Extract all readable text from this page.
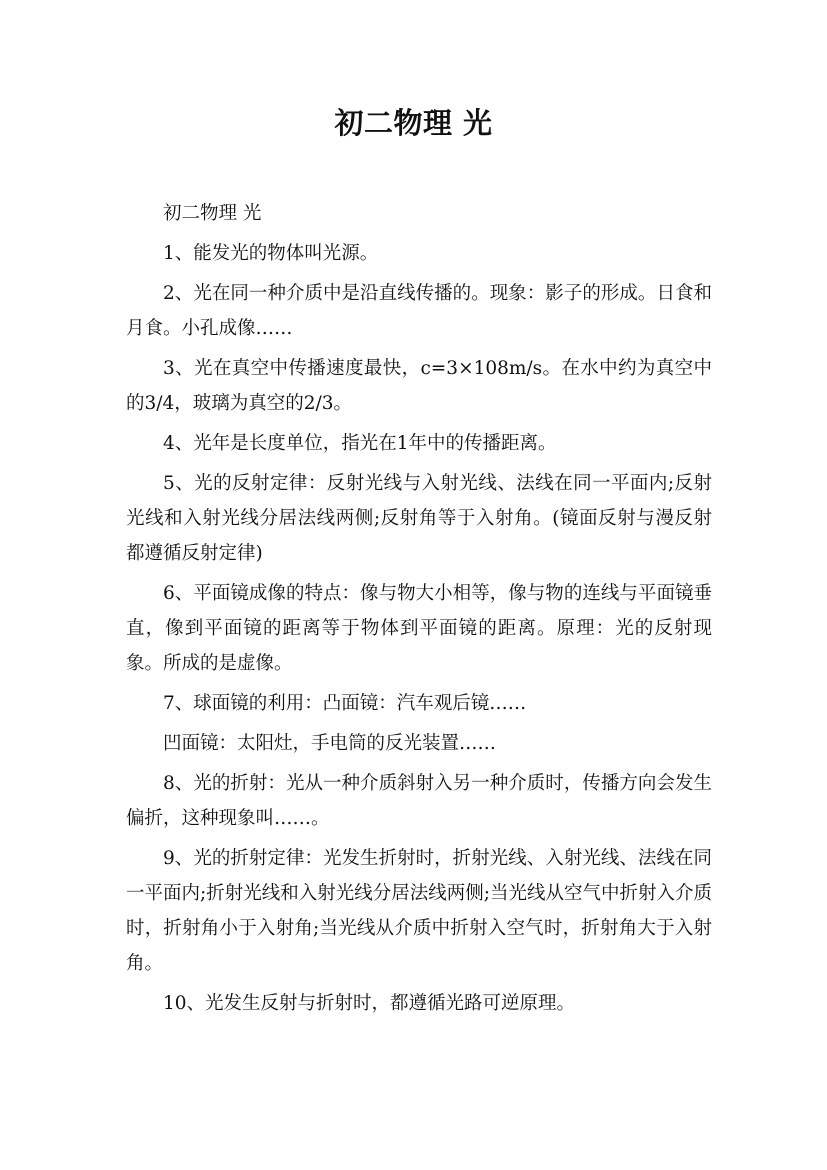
初二物理 光

初二物理 光

1、能发光的物体叫光源。

2、光在同一种介质中是沿直线传播的。现象：影子的形成。日食和月食。小孔成像……

3、光在真空中传播速度最快，c=3×108m/s。在水中约为真空中的3/4，玻璃为真空的2/3。

4、光年是长度单位，指光在1年中的传播距离。

5、光的反射定律：反射光线与入射光线、法线在同一平面内;反射光线和入射光线分居法线两侧;反射角等于入射角。(镜面反射与漫反射都遵循反射定律)

6、平面镜成像的特点：像与物大小相等，像与物的连线与平面镜垂直，像到平面镜的距离等于物体到平面镜的距离。原理：光的反射现象。所成的是虚像。

7、球面镜的利用：凸面镜：汽车观后镜……

凹面镜：太阳灶，手电筒的反光装置……

8、光的折射：光从一种介质斜射入另一种介质时，传播方向会发生偏折，这种现象叫……。

9、光的折射定律：光发生折射时，折射光线、入射光线、法线在同一平面内;折射光线和入射光线分居法线两侧;当光线从空气中折射入介质时，折射角小于入射角;当光线从介质中折射入空气时，折射角大于入射角。

10、光发生反射与折射时，都遵循光路可逆原理。
